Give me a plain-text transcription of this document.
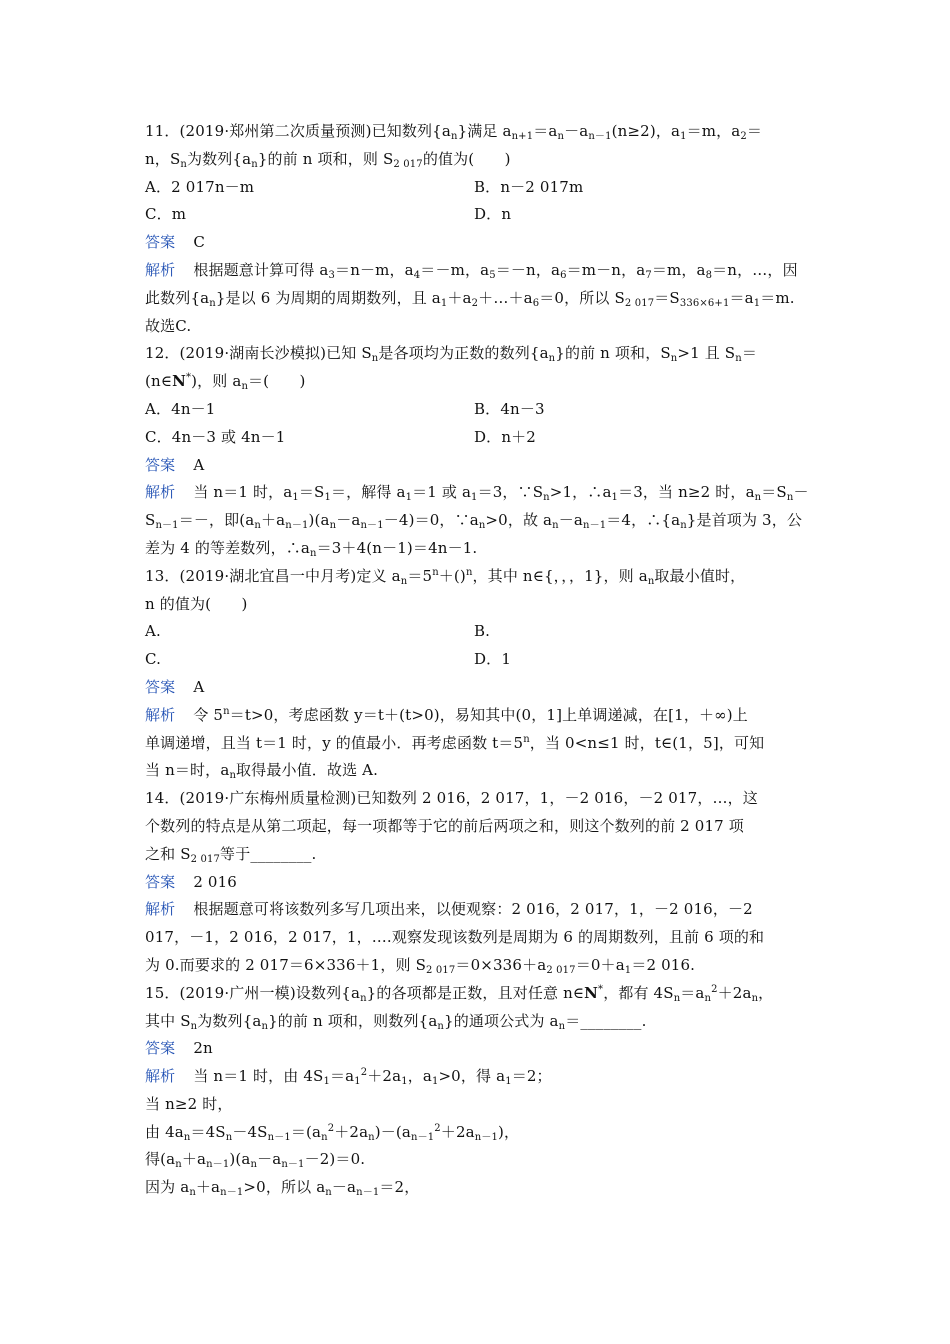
11．(2019·郑州第二次质量预测)已知数列$\{a_n\}$满足 $a_{n+1}=a_n-a_{n-1}(n\ge 2)$，$a_1=m$，$a_2=$
n，$S_n$为数列$\{a_n\}$的前 n 项和，则 $S_{2 017}$的值为(　　)
A．2 017n－m	B．n－2 017m
C．m	D．n
答案 C
解析 根据题意计算可得 $a_3=n-m$，$a_4=-m$，$a_5=-n$，$a_6=m-n$，$a_7=m$，$a_8=n$，…，因
此数列$\{a_n\}$是以 6 为周期的周期数列，且 $a_1+a_2+\dots+a_6=0$，所以 $S_{2 017}=S_{336\times 6+1}=a_1=m$.
故选C.
12．(2019·湖南长沙模拟)已知 $S_n$是各项均为正数的数列$\{a_n\}$的前 n 项和，$S_n>1$ 且 $S_n=$
(n∈N*)，则 $a_n=$(　　)
A．4n－1	B．4n－3
C．4n－3 或 4n－1	D．n＋2
答案 A
解析 当 n＝1 时，$a_1=S_1=$，解得 $a_1=1$ 或 $a_1=3$，$\because S_n>1$，$\therefore a_1=3$，当 n≥2 时，$a_n=S_n-$
$S_{n-1}=-$，即$(a_n+a_{n-1})(a_n-a_{n-1}-4)=0$，$\because a_n>0$，故 $a_n-a_{n-1}=4$，$\therefore\{a_n\}$是首项为 3，公
差为 4 的等差数列，$\therefore a_n=3+4(n-1)=4n-1$.
13．(2019·湖北宜昌一中月考)定义 $a_n=5^n+()^n$，其中 n∈{，，，1}，则 $a_n$取最小值时，
n 的值为(　　)
A.	B.
C.	D．1
答案 A
解析 令 $5^n=t>0$，考虑函数 y＝t＋(t>0)，易知其中(0，1]上单调递减，在[1，＋∞)上
单调递增，且当 t＝1 时，y 的值最小．再考虑函数 $t=5^n$，当 0<n≤1 时，t∈(1，5]，可知
当 n＝时，$a_n$取得最小值．故选 A.
14．(2019·广东梅州质量检测)已知数列 2 016，2 017，1，－2 016，－2 017，…，这
个数列的特点是从第二项起，每一项都等于它的前后两项之和，则这个数列的前 2 017 项
之和 $S_{2 017}$等于________.
答案 2 016
解析 根据题意可将该数列多写几项出来，以便观察：2 016，2 017，1，－2 016，－2
017，－1，2 016，2 017，1，….观察发现该数列是周期为 6 的周期数列，且前 6 项的和
为 0.而要求的 2 017＝6×336＋1，则 $S_{2 017}=0\times 336+a_{2 017}=0+a_1=2$ 016.
15．(2019·广州一模)设数列$\{a_n\}$的各项都是正数，且对任意 n∈N*，都有 $4S_n=a_n^2+2a_n$，
其中 $S_n$为数列$\{a_n\}$的前 n 项和，则数列$\{a_n\}$的通项公式为 $a_n=\_\_\_\_\_\_\_\_$.
答案 2n
解析 当 n＝1 时，由 $4S_1=a_1^2+2a_1$，$a_1>0$，得 $a_1=2$；
当 n≥2 时，
由 $4a_n=4S_n-4S_{n-1}=(a_n^2+2a_n)-(a_{n-1}^2+2a_{n-1})$，
得$(a_n+a_{n-1})(a_n-a_{n-1}-2)=0$.
因为 $a_n+a_{n-1}>0$，所以 $a_n-a_{n-1}=2$，
